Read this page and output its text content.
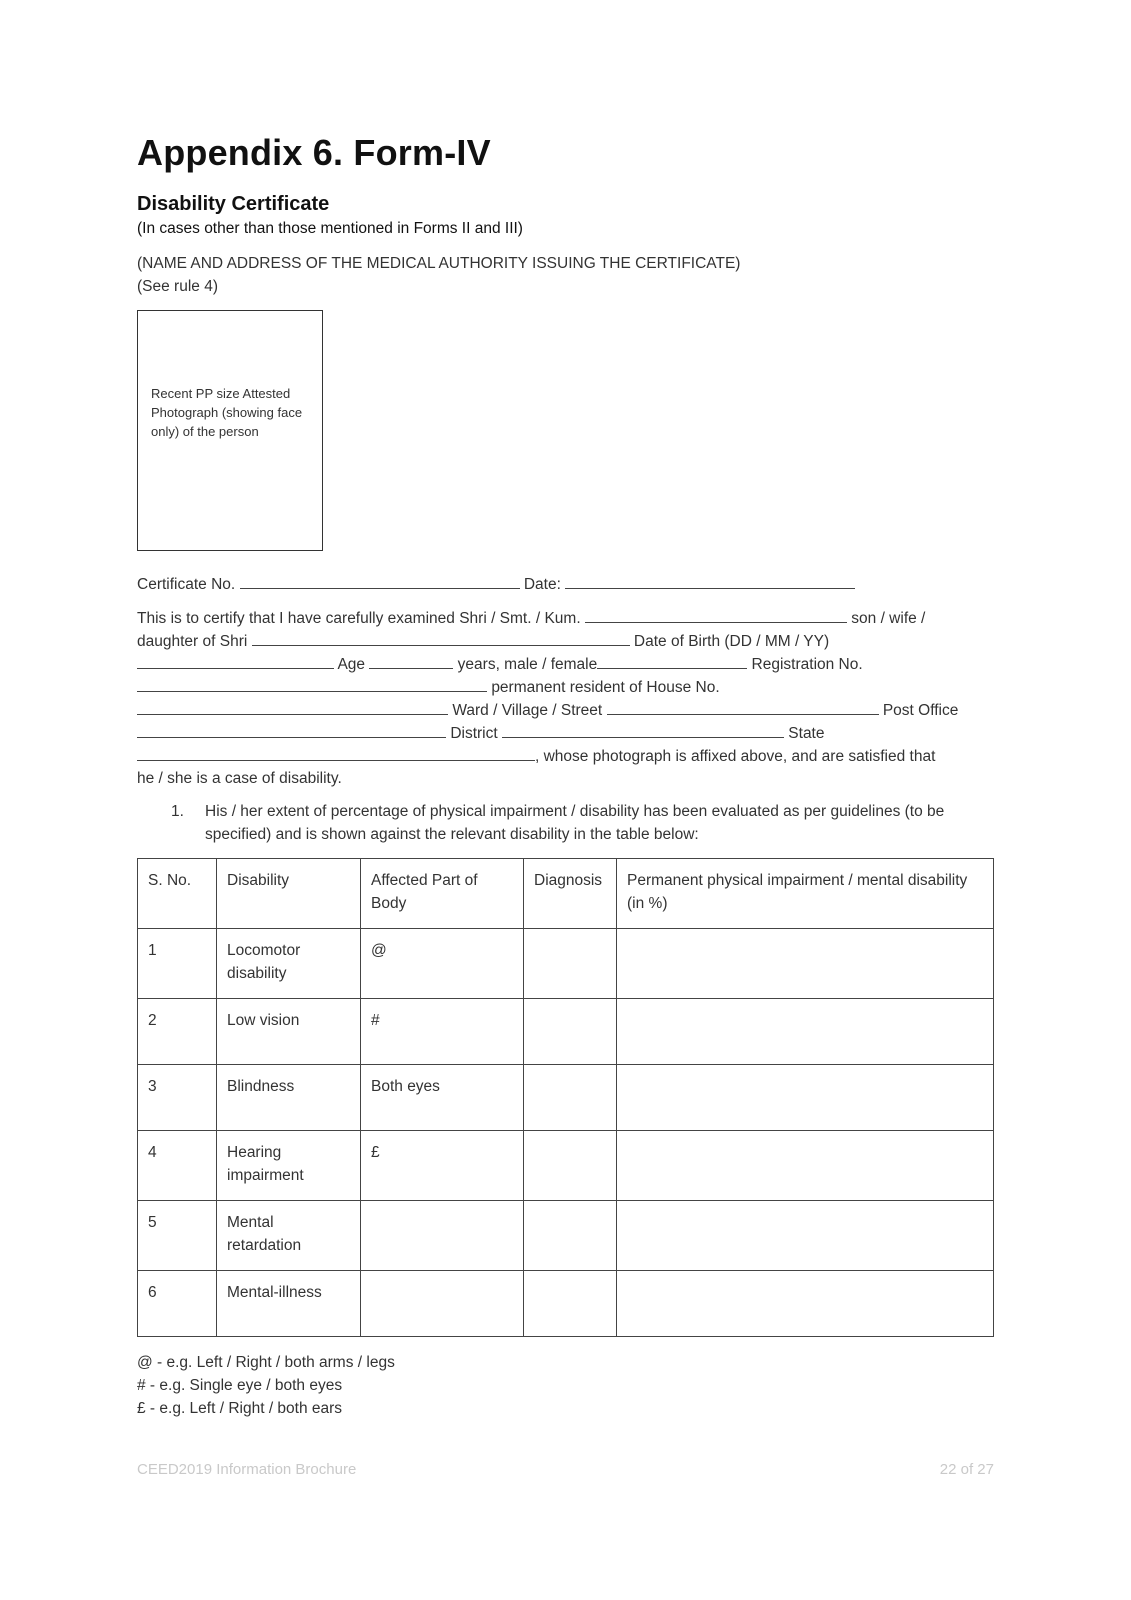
Appendix 6. Form-IV
Disability Certificate
(In cases other than those mentioned in Forms II and III)
(NAME AND ADDRESS OF THE MEDICAL AUTHORITY ISSUING THE CERTIFICATE)
(See rule 4)
Recent PP size Attested Photograph (showing face only) of the person
Certificate No.	Date:
This is to certify that I have carefully examined Shri / Smt. / Kum.	son / wife /
daughter of Shri	Date of Birth (DD / MM / YY)
Age	years, male / female	Registration No.
permanent resident of House No.
Ward / Village / Street	Post Office
District	State
, whose photograph is affixed above, and are satisfied that
he / she is a case of disability.
1. His / her extent of percentage of physical impairment / disability has been evaluated as per guidelines (to be specified) and is shown against the relevant disability in the table below:
S. No.	Disability	Affected Part of Body	Diagnosis	Permanent physical impairment / mental disability (in %)
1	Locomotor disability	@		
2	Low vision	#		
3	Blindness	Both eyes		
4	Hearing impairment	£		
5	Mental retardation			
6	Mental-illness			
@ - e.g. Left / Right / both arms / legs
# - e.g. Single eye / both eyes
£ - e.g. Left / Right / both ears
CEED2019 Information Brochure	22 of 27
